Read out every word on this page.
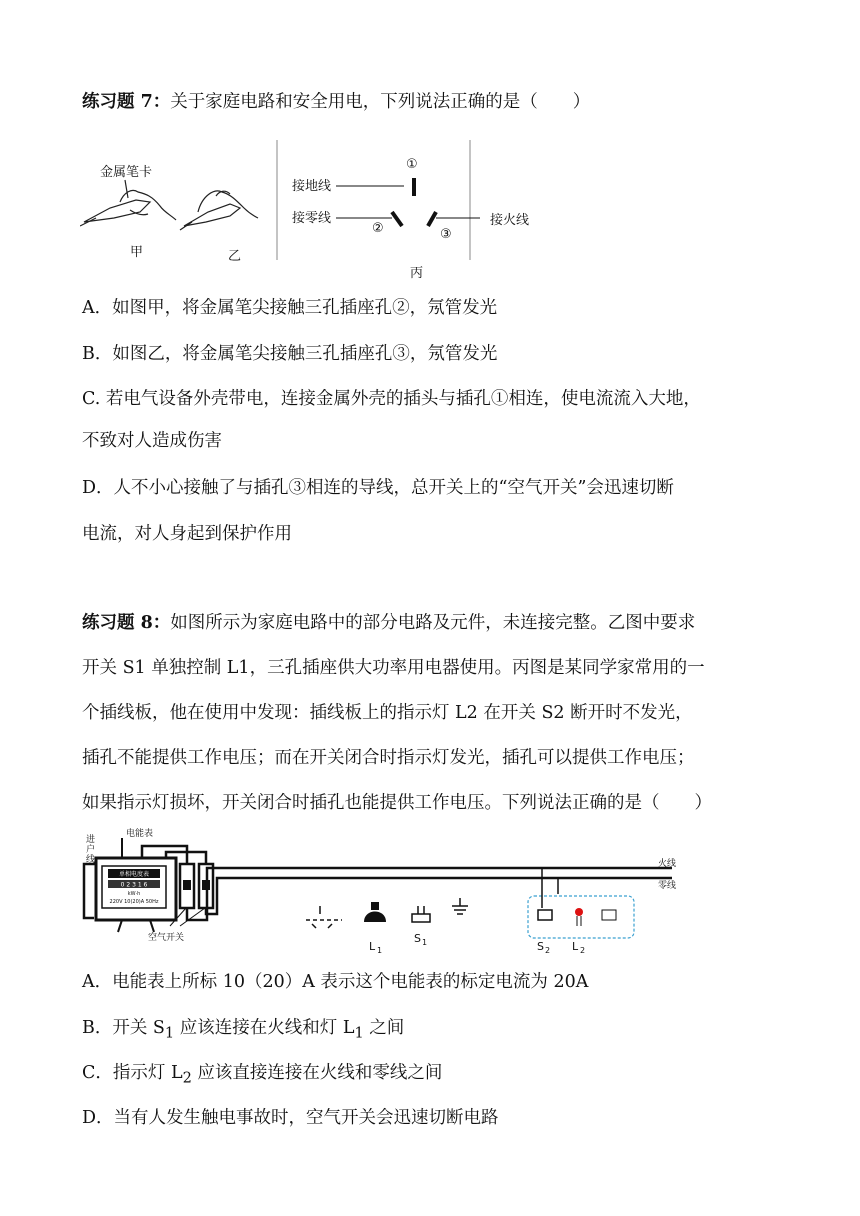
练习题 7：关于家庭电路和安全用电，下列说法正确的是（　　）

金属笔卡
甲	乙
①
接地线
接零线
②	③
丙
接火线

A．如图甲，将金属笔尖接触三孔插座孔②，氖管发光

B．如图乙，将金属笔尖接触三孔插座孔③，氖管发光

C. 若电气设备外壳带电，连接金属外壳的插头与插孔①相连，使电流流入大地，

不致对人造成伤害

D．人不小心接触了与插孔③相连的导线，总开关上的“空气开关”会迅速切断

电流，对人身起到保护作用

练习题 8：如图所示为家庭电路中的部分电路及元件，未连接完整。乙图中要求

开关 S1 单独控制 L1，三孔插座供大功率用电器使用。丙图是某同学家常用的一

个插线板，他在使用中发现：插线板上的指示灯 L2 在开关 S2 断开时不发光，

插孔不能提供工作电压；而在开关闭合时指示灯发光，插孔可以提供工作电压；

如果指示灯损坏，开关闭合时插孔也能提供工作电压。下列说法正确的是（　　）

进户线
电能表
单相电度表
0 2 3 1 6
kW·h
220V 10(20)A 50Hz
空气开关
火线
零线
L 1
S 1	S 2 L 2

A．电能表上所标 10（20）A 表示这个电能表的标定电流为 20A

B．开关 $S_1$ 应该连接在火线和灯 $L_1$ 之间

C．指示灯 $L_2$ 应该直接连接在火线和零线之间

D．当有人发生触电事故时，空气开关会迅速切断电路
